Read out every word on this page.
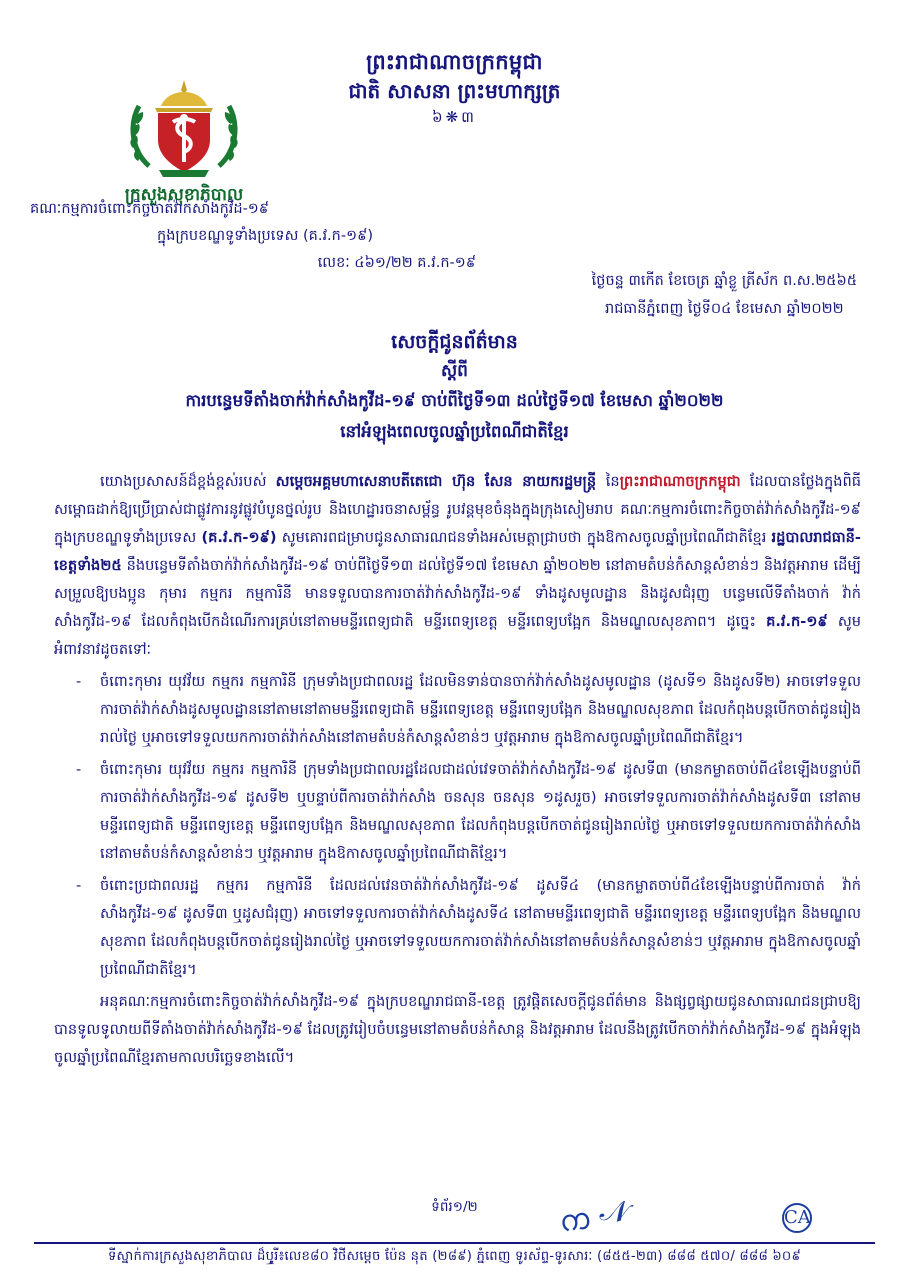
ក្រសួងសុខាភិបាល
ព្រះរាជាណាចក្រកម្ពុជា
ជាតិ សាសនា ព្រះមហាក្សត្រ
៦❋៣
គណៈកម្មការចំពោះកិច្ចចាត់វ៉ាក់សាំងកូវីដ-១៩
ក្នុងក្របខណ្ឌទូទាំងប្រទេស (គ.វ.ក-១៩)
លេខៈ ៤៦១/២២ គ.វ.ក-១៩
ថ្ងៃចន្ទ ៣កើត ខែចេត្រ ឆ្នាំខ្លួ ត្រីស័ក ព.ស.២៥៦៥
រាជធានីភ្នំពេញ ថ្ងៃទី០៤ ខែមេសា ឆ្នាំ២០២២
សេចក្ដីជូនព័ត៌មាន
ស្ដីពី
ការបន្ធេមទីតាំងចាក់វ៉ាក់សាំងកូវីដ-១៩ ចាប់ពីថ្ងៃទី១៣ ដល់ថ្ងៃទី១៧ ខែមេសា ឆ្នាំ២០២២
នៅអំឡុងពេលចូលឆ្នាំប្រពៃណីជាតិខ្មែរ

យោងប្រសាសន៍ដ៏ខ្ពង់ខ្ពស់របស់ សម្ដេចអគ្គមហាសេនាបតីតេជោ ហ៊ុន សែន នាយករដ្ឋមន្ត្រី នៃព្រះរាជាណាចក្រកម្ពុជា ដែលបានថ្លែងក្នុងពិធីសម្ពោធដាក់ឱ្យប្រើប្រាស់ជាផ្លូវការនូវផ្លូវបំបូនថ្នល់រូប និងហេដ្ឋារចនាសម្ព័ន្ធ រូបវន្តមុខចំនុងក្នុងក្រុងសៀមរាប គណៈកម្មការចំពោះកិច្ចចាត់វ៉ាក់សាំងកូវីដ-១៩ ក្នុងក្របខណ្ឌទូទាំងប្រទេស (គ.វ.ក-១៩) សូមគោរពជម្រាបជូនសាធារណជនទាំងអស់មេត្តាជ្រាបថា ក្នុងឱកាសចូលឆ្នាំប្រពៃណីជាតិខ្មែរ រដ្ឋបាលរាជធានី-ខេត្តទាំង២៥ នឹងបន្ធេមទីតាំងចាក់វ៉ាក់សាំងកូវីដ-១៩ ចាប់ពីថ្ងៃទី១៣ ដល់ថ្ងៃទី១៧ ខែមេសា ឆ្នាំ២០២២ នៅតាមតំបន់កំសាន្តសំខាន់ៗ និងវត្តអារាម ដើម្បីសម្រួលឱ្យបងប្អូន កុមារ កម្មករ កម្មការិនី មានទទួលបានការចាត់វ៉ាក់សាំងកូវីដ-១៩ ទាំងដូសមូលដ្ឋាន និងដូសជំរុញ បន្ធេមលើទីតាំងចាក់ វ៉ាក់សាំងកូវីដ-១៩ ដែលកំពុងបើកដំណើរការគ្រប់នៅតាមមន្ទីរពេទ្យជាតិ មន្ទីរពេទ្យខេត្ត មន្ទីរពេទ្យបង្អែក និងមណ្ឌលសុខភាព។ ដូច្នេះ គ.វ.ក-១៩ សូមអំពាវនាវដូចតទៅៈ

- ចំពោះកុមារ យុវវ័យ កម្មករ កម្មការិនី ក្រុមទាំងប្រជាពលរដ្ឋ ដែលមិនទាន់បានចាក់វ៉ាក់សាំងដូសមូលដ្ឋាន (ដូសទី១ និងដូសទី២) អាចទៅទទួលការចាត់វ៉ាក់សាំងដូសមូលដ្ឋាននៅតាមនៅតាមមន្ទីរពេទ្យជាតិ មន្ទីរពេទ្យខេត្ត មន្ទីរពេទ្យបង្អែក និងមណ្ឌលសុខភាព ដែលកំពុងបន្តបើកចាត់ជូនរៀងរាល់ថ្ងៃ ឬអាចទៅទទួលយកការចាត់វ៉ាក់សាំងនៅតាមតំបន់កំសាន្តសំខាន់ៗ ឬវត្តអារាម ក្នុងឱកាសចូលឆ្នាំប្រពៃណីជាតិខ្មែរ។
- ចំពោះកុមារ យុវវ័យ កម្មករ កម្មការិនី ក្រុមទាំងប្រជាពលរដ្ឋដែលជាដល់វេទចាត់វ៉ាក់សាំងកូវីដ-១៩ ដូសទី៣ (មានកម្លាតចាប់ពី៤ខែឡើងបន្ទាប់ពីការចាត់វ៉ាក់សាំងកូវីដ-១៩ ដូសទី២ ឬបន្ទាប់ពីការចាត់វ៉ាក់សាំង ចនសុន ចនសុន ១ដូសរួច) អាចទៅទទួលការចាត់វ៉ាក់សាំងដូសទី៣ នៅតាមមន្ទីរពេទ្យជាតិ មន្ទីរពេទ្យខេត្ត មន្ទីរពេទ្យបង្អែក និងមណ្ឌលសុខភាព ដែលកំពុងបន្តបើកចាត់ជូនរៀងរាល់ថ្ងៃ ឬអាចទៅទទួលយកការចាត់វ៉ាក់សាំងនៅតាមតំបន់កំសាន្តសំខាន់ៗ ឬវត្តអារាម ក្នុងឱកាសចូលឆ្នាំប្រពៃណីជាតិខ្មែរ។
- ចំពោះប្រជាពលរដ្ឋ កម្មករ កម្មការិនី ដែលដល់វេនចាត់វ៉ាក់សាំងកូវីដ-១៩ ដូសទី៤ (មានកម្លាតចាប់ពី៤ខែឡើងបន្ទាប់ពីការចាត់ វ៉ាក់សាំងកូវីដ-១៩ ដូសទី៣ ឬដូសជំរុញ) អាចទៅទទួលការចាត់វ៉ាក់សាំងដូសទី៤ នៅតាមមន្ទីរពេទ្យជាតិ មន្ទីរពេទ្យខេត្ត មន្ទីរពេទ្យបង្អែក និងមណ្ឌលសុខភាព ដែលកំពុងបន្តបើកចាត់ជូនរៀងរាល់ថ្ងៃ ឬអាចទៅទទួលយកការចាត់វ៉ាក់សាំងនៅតាមតំបន់កំសាន្តសំខាន់ៗ ឬវត្តអារាម ក្នុងឱកាសចូលឆ្នាំប្រពៃណីជាតិខ្មែរ។

អនុគណៈកម្មការចំពោះកិច្ចចាត់វ៉ាក់សាំងកូវីដ-១៩ ក្នុងក្របខណ្ឌរាជធានី-ខេត្ត ត្រូវផ្ដិតសេចក្ដីជូនព័ត៌មាន និងផ្សព្វផ្សាយជូនសាធារណជនជ្រាបឱ្យបានទូលទូលាយពីទីតាំងចាត់វ៉ាក់សាំងកូវីដ-១៩ ដែលត្រូវរៀបចំបន្ធេមនៅតាមតំបន់កំសាន្ត និងវត្តអារាម ដែលនឹងត្រូវបើកចាក់វ៉ាក់សាំងកូវីដ-១៩ ក្នុងអំឡុងចូលឆ្នាំប្រពៃណីខ្មែរតាមកាលបរិច្ឆេទខាងលើ។

ទំព័រ១/២	ᨠ 𝒩	CA
ទីស្នាក់ការក្រសួងសុខាភិបាល ដ៏ឬូរី៖លេខ៨០ វិថីសម្ដេច ប៉ែន នុត (២៨៩) ភ្នំពេញ ទូរស័ព្ទ-ទូរសារៈ (៨៥៥-២៣) ៨៨៨ ៥៧០/ ៨៨៨ ៦០៩
